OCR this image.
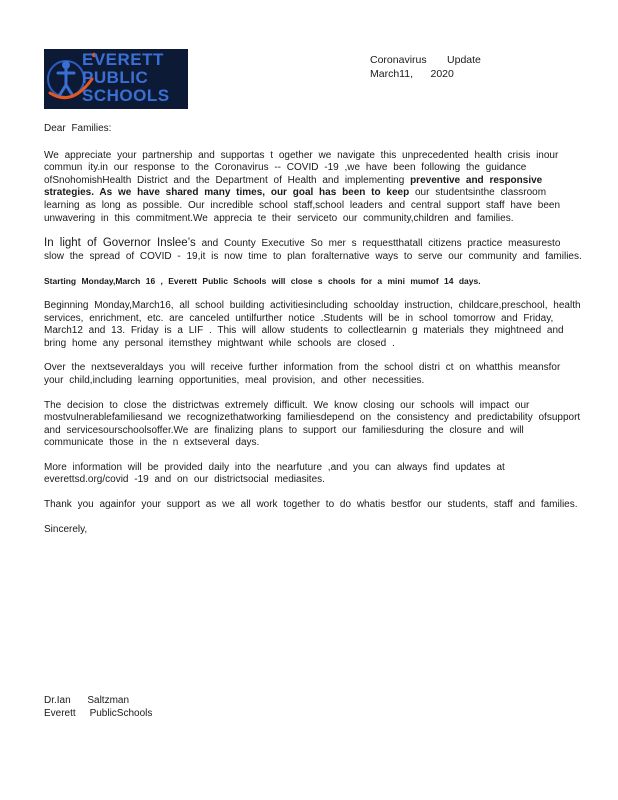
EVERETT
PUBLIC
SCHOOLS
Coronavirus       Update
March11,      2020

Dear Families:

We appreciate your partnership and supportas t ogether we navigate this unprecedented health crisis inour commun ity.in our response to the Coronavirus -- COVID -19 ,we have been following the guidance ofSnohomishHealth District and the Department of Health and implementing preventive and responsive strategies. As we have shared many times, our goal has been to keep our studentsinthe classroom learning as long as possible. Our incredible school staff,school leaders and central support staff have been unwavering in this commitment.We apprecia te their serviceto our community,children and families.

In light of Governor Inslee’s and County Executive So mer s requestthatall citizens practice measuresto slow the spread of COVID - 19,it is now time to plan foralternative ways to serve our community and families.

Starting Monday,March 16 , Everett Public Schools will close s chools for a mini mumof 14 days.

Beginning Monday,March16, all school building activitiesincluding schoolday instruction, childcare,preschool, health services, enrichment, etc. are canceled untilfurther notice .Students will be in school tomorrow and Friday, March12 and 13. Friday is a LIF . This will allow students to collectlearnin g materials they mightneed and bring home any personal itemsthey mightwant while schools are closed .

Over the nextseveraldays you will receive further information from the school distri ct on whatthis meansfor your child,including learning opportunities, meal provision, and other necessities.

The decision to close the districtwas extremely difficult. We know closing our schools will impact our mostvulnerablefamiliesand we recognizethatworking familiesdepend on the consistency and predictability ofsupport and servicesourschoolsoffer.We are finalizing plans to support our familiesduring the closure and will communicate those in the n extseveral days.

More information will be provided daily into the nearfuture ,and you can always find updates at everettsd.org/covid -19 and on our districtsocial mediasites.

Thank you againfor your support as we all work together to do whatis bestfor our students, staff and families.

Sincerely,

Dr.Ian      Saltzman
Everett     PublicSchools
